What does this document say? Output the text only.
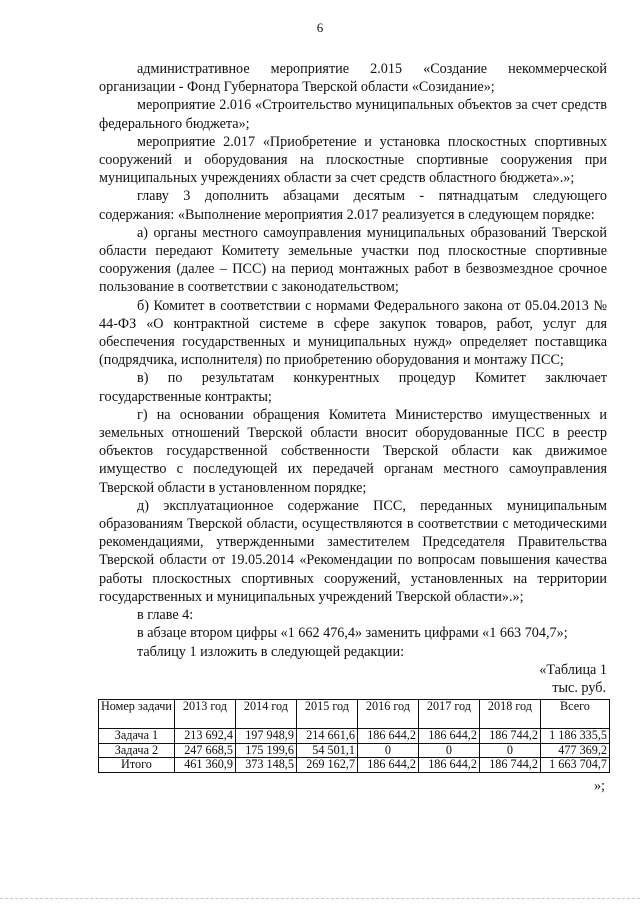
6

административное мероприятие 2.015 «Создание некоммерческой организации - Фонд Губернатора Тверской области «Созидание»;

мероприятие 2.016 «Строительство муниципальных объектов за счет средств федерального бюджета»;

мероприятие 2.017 «Приобретение и установка плоскостных спортивных сооружений и оборудования на плоскостные спортивные сооружения при муниципальных учреждениях области за счет средств областного бюджета».»;

главу 3 дополнить абзацами десятым - пятнадцатым следующего содержания: «Выполнение мероприятия 2.017 реализуется в следующем порядке:

а) органы местного самоуправления муниципальных образований Тверской области передают Комитету земельные участки под плоскостные спортивные сооружения (далее – ПСС) на период монтажных работ в безвозмездное срочное пользование в соответствии с законодательством;

б) Комитет в соответствии с нормами Федерального закона от 05.04.2013 № 44-ФЗ «О контрактной системе в сфере закупок товаров, работ, услуг для обеспечения государственных и муниципальных нужд» определяет поставщика (подрядчика, исполнителя) по приобретению оборудования и монтажу ПСС;

в) по результатам конкурентных процедур Комитет заключает государственные контракты;

г) на основании обращения Комитета Министерство имущественных и земельных отношений Тверской области вносит оборудованные ПСС в реестр объектов государственной собственности Тверской области как движимое имущество с последующей их передачей органам местного самоуправления Тверской области в установленном порядке;

д) эксплуатационное содержание ПСС, переданных муниципальным образованиям Тверской области, осуществляются в соответствии с методическими рекомендациями, утвержденными заместителем Председателя Правительства Тверской области от 19.05.2014 «Рекомендации по вопросам повышения качества работы плоскостных спортивных сооружений, установленных на территории государственных и муниципальных учреждений Тверской области».»;

в главе 4:

в абзаце втором цифры «1 662 476,4» заменить цифрами «1 663 704,7»;

таблицу 1 изложить в следующей редакции:

«Таблица 1

тыс. руб.

Номер задачи	2013 год	2014 год	2015 год	2016 год	2017 год	2018 год	Всего
Задача 1	213 692,4	197 948,9	214 661,6	186 644,2	186 644,2	186 744,2	1 186 335,5
Задача 2	247 668,5	175 199,6	54 501,1	0	0	0	477 369,2
Итого	461 360,9	373 148,5	269 162,7	186 644,2	186 644,2	186 744,2	1 663 704,7

»;
